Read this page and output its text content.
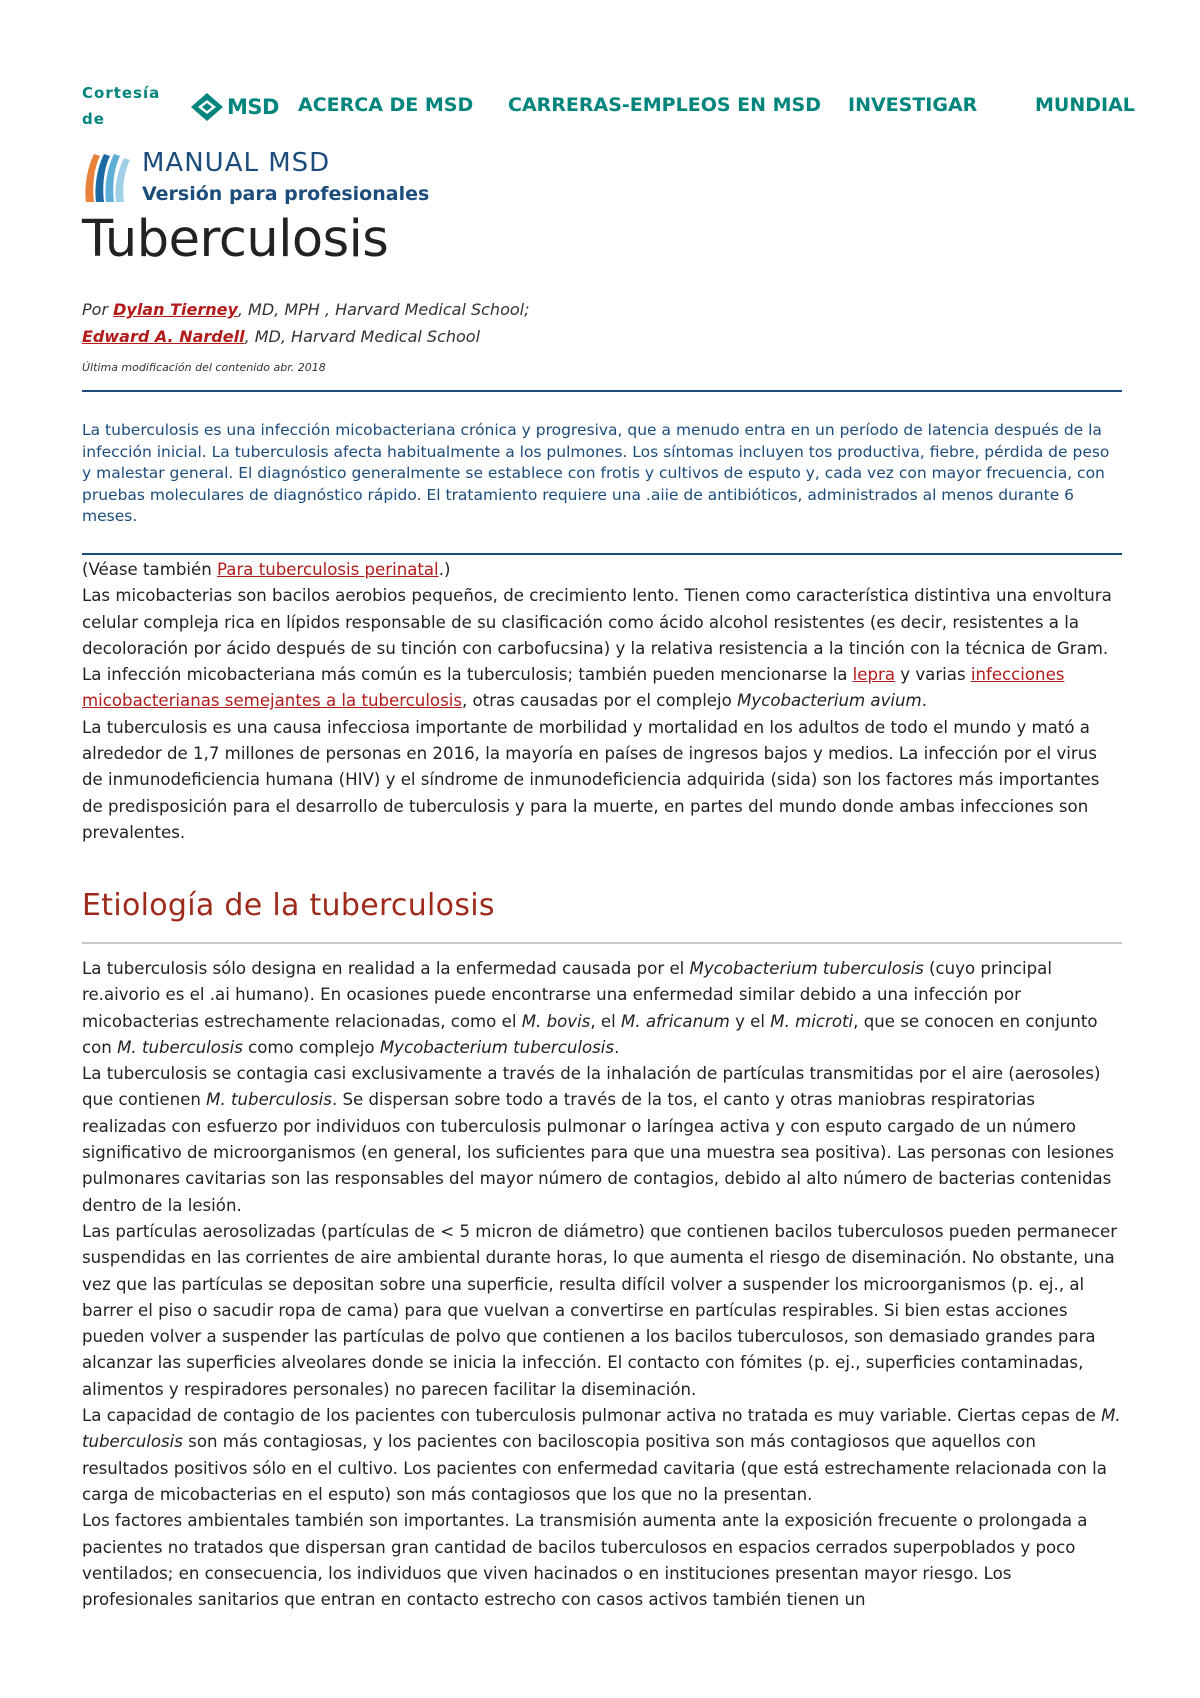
Cortesía
de	MSD ACERCA DE MSD CARRERAS-EMPLEOS EN MSD INVESTIGAR	MUNDIAL
MANUAL MSD
Versión para profesionales
Tuberculosis
Por Dylan Tierney, MD, MPH , Harvard Medical School;
Edward A. Nardell, MD, Harvard Medical School
Última modificación del contenido abr. 2018

La tuberculosis es una infección micobacteriana crónica y progresiva, que a menudo entra en un período de latencia después de la infección inicial. La tuberculosis afecta habitualmente a los pulmones. Los síntomas incluyen tos productiva, fiebre, pérdida de peso y malestar general. El diagnóstico generalmente se establece con frotis y cultivos de esputo y, cada vez con mayor frecuencia, con pruebas moleculares de diagnóstico rápido. El tratamiento requiere una .aiie de antibióticos, administrados al menos durante 6 meses.

(Véase también Para tuberculosis perinatal.)

Las micobacterias son bacilos aerobios pequeños, de crecimiento lento. Tienen como característica distintiva una envoltura celular compleja rica en lípidos responsable de su clasificación como ácido alcohol resistentes (es decir, resistentes a la decoloración por ácido después de su tinción con carbofucsina) y la relativa resistencia a la tinción con la técnica de Gram. La infección micobacteriana más común es la tuberculosis; también pueden mencionarse la lepra y varias infecciones micobacterianas semejantes a la tuberculosis, otras causadas por el complejo Mycobacterium avium.

La tuberculosis es una causa infecciosa importante de morbilidad y mortalidad en los adultos de todo el mundo y mató a alrededor de 1,7 millones de personas en 2016, la mayoría en países de ingresos bajos y medios. La infección por el virus de inmunodeficiencia humana (HIV) y el síndrome de inmunodeficiencia adquirida (sida) son los factores más importantes de predisposición para el desarrollo de tuberculosis y para la muerte, en partes del mundo donde ambas infecciones son prevalentes.

Etiología de la tuberculosis

La tuberculosis sólo designa en realidad a la enfermedad causada por el Mycobacterium tuberculosis (cuyo principal re.aivorio es el .ai humano). En ocasiones puede encontrarse una enfermedad similar debido a una infección por micobacterias estrechamente relacionadas, como el M. bovis, el M. africanum y el M. microti, que se conocen en conjunto con M. tuberculosis como complejo Mycobacterium tuberculosis.

La tuberculosis se contagia casi exclusivamente a través de la inhalación de partículas transmitidas por el aire (aerosoles) que contienen M. tuberculosis. Se dispersan sobre todo a través de la tos, el canto y otras maniobras respiratorias realizadas con esfuerzo por individuos con tuberculosis pulmonar o laríngea activa y con esputo cargado de un número significativo de microorganismos (en general, los suficientes para que una muestra sea positiva). Las personas con lesiones pulmonares cavitarias son las responsables del mayor número de contagios, debido al alto número de bacterias contenidas dentro de la lesión.

Las partículas aerosolizadas (partículas de < 5 micron de diámetro) que contienen bacilos tuberculosos pueden permanecer suspendidas en las corrientes de aire ambiental durante horas, lo que aumenta el riesgo de diseminación. No obstante, una vez que las partículas se depositan sobre una superficie, resulta difícil volver a suspender los microorganismos (p. ej., al barrer el piso o sacudir ropa de cama) para que vuelvan a convertirse en partículas respirables. Si bien estas acciones pueden volver a suspender las partículas de polvo que contienen a los bacilos tuberculosos, son demasiado grandes para alcanzar las superficies alveolares donde se inicia la infección. El contacto con fómites (p. ej., superficies contaminadas, alimentos y respiradores personales) no parecen facilitar la diseminación.

La capacidad de contagio de los pacientes con tuberculosis pulmonar activa no tratada es muy variable. Ciertas cepas de M. tuberculosis son más contagiosas, y los pacientes con baciloscopia positiva son más contagiosos que aquellos con resultados positivos sólo en el cultivo. Los pacientes con enfermedad cavitaria (que está estrechamente relacionada con la carga de micobacterias en el esputo) son más contagiosos que los que no la presentan.

Los factores ambientales también son importantes. La transmisión aumenta ante la exposición frecuente o prolongada a pacientes no tratados que dispersan gran cantidad de bacilos tuberculosos en espacios cerrados superpoblados y poco ventilados; en consecuencia, los individuos que viven hacinados o en instituciones presentan mayor riesgo. Los profesionales sanitarios que entran en contacto estrecho con casos activos también tienen un
